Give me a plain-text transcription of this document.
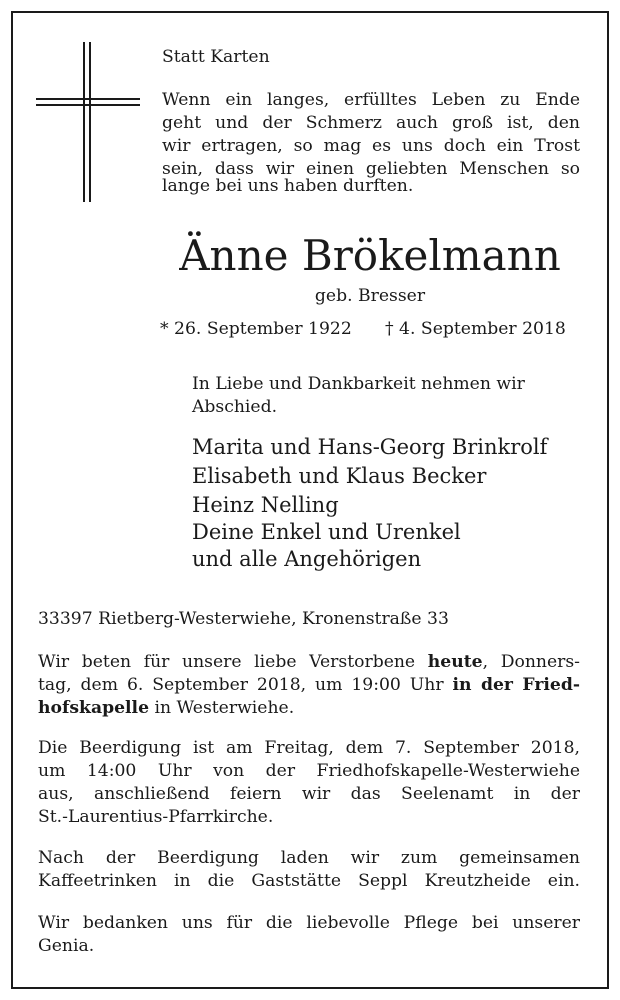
Statt Karten
Wenn ein langes, erfülltes Leben zu Ende
geht und der Schmerz auch groß ist, den
wir ertragen, so mag es uns doch ein Trost
sein, dass wir einen geliebten Menschen so
lange bei uns haben durften.
Änne Brökelmann
geb. Bresser
* 26. September 1922 † 4. September 2018
In Liebe und Dankbarkeit nehmen wir
Abschied.
Marita und Hans-Georg Brinkrolf
Elisabeth und Klaus Becker
Heinz Nelling
Deine Enkel und Urenkel
und alle Angehörigen
33397 Rietberg-Westerwiehe, Kronenstraße 33
Wir beten für unsere liebe Verstorbene heute, Donners-
tag, dem 6. September 2018, um 19:00 Uhr in der Fried-
hofskapelle in Westerwiehe.
Die Beerdigung ist am Freitag, dem 7. September 2018,
um 14:00 Uhr von der Friedhofskapelle-Westerwiehe
aus, anschließend feiern wir das Seelenamt in der
St.-Laurentius-Pfarrkirche.
Nach der Beerdigung laden wir zum gemeinsamen
Kaffeetrinken in die Gaststätte Seppl Kreutzheide ein.
Wir bedanken uns für die liebevolle Pflege bei unserer
Genia.
